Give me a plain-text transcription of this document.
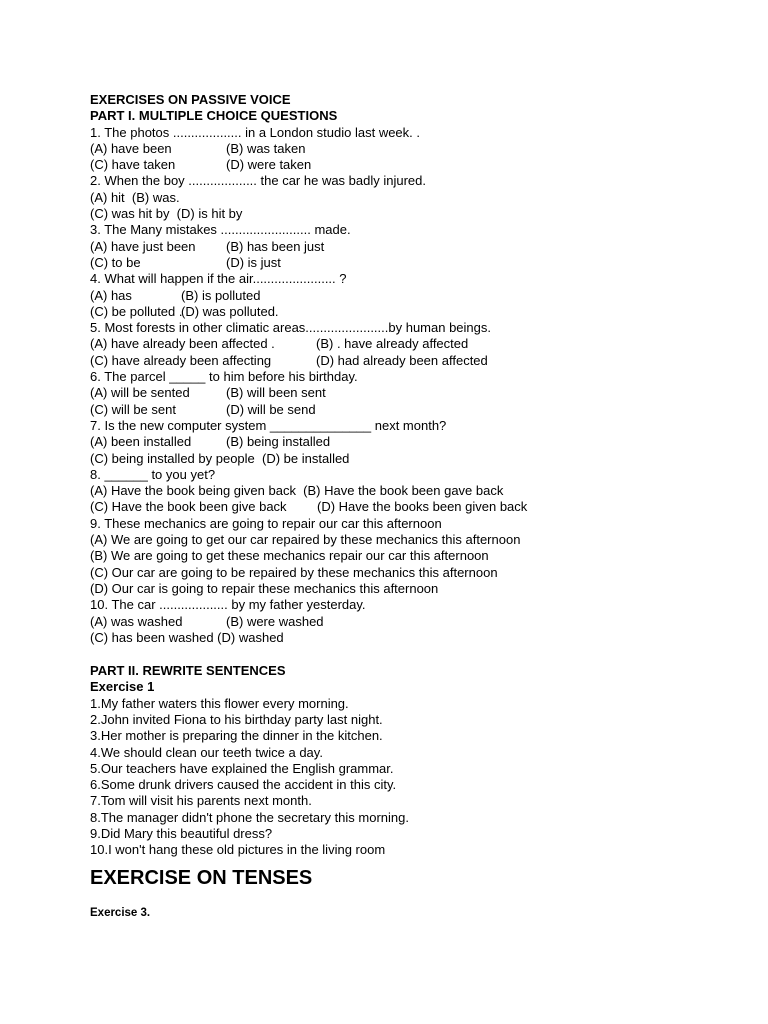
EXERCISES ON PASSIVE VOICE
PART I. MULTIPLE CHOICE QUESTIONS
1. The photos ................... in a London studio last week. .
(A) have been	(B) was taken
(C) have taken	(D) were taken
2. When the boy ................... the car he was badly injured.
(A) hit  (B) was.
(C) was hit by  (D) is hit by
3. The Many mistakes ......................... made.
(A) have just been	(B) has been just
(C) to be	(D) is just
4. What will happen if the air....................... ?
(A) has	(B) is polluted
(C) be polluted .
(D) was polluted.
5. Most forests in other climatic areas.......................by human beings.
(A) have already been affected .	(B) . have already affected
(C) have already been affecting	(D) had already been affected
6. The parcel _____ to him before his birthday.
(A) will be sented	(B) will been sent
(C) will be sent	(D) will be send
7. Is the new computer system ______________ next month?
(A) been installed	(B) being installed
(C) being installed by people  (D) be installed
8. ______ to you yet?
(A) Have the book being given back  (B) Have the book been gave back
(C) Have the book been give back	(D) Have the books been given back
9. These mechanics are going to repair our car this afternoon
(A) We are going to get our car repaired by these mechanics this afternoon
(B) We are going to get these mechanics repair our car this afternoon
(C) Our car are going to be repaired by these mechanics this afternoon
(D) Our car is going to repair these mechanics this afternoon
10. The car ................... by my father yesterday.
(A) was washed	(B) were washed
(C) has been washed (D) washed
PART II. REWRITE SENTENCES
Exercise 1
1.My father waters this flower every morning.
2.John invited Fiona to his birthday party last night.
3.Her mother is preparing the dinner in the kitchen.
4.We should clean our teeth twice a day.
5.Our teachers have explained the English grammar.
6.Some drunk drivers caused the accident in this city.
7.Tom will visit his parents next month.
8.The manager didn't phone the secretary this morning.
9.Did Mary this beautiful dress?
10.I won't hang these old pictures in the living room
EXERCISE ON TENSES
Exercise 3.
